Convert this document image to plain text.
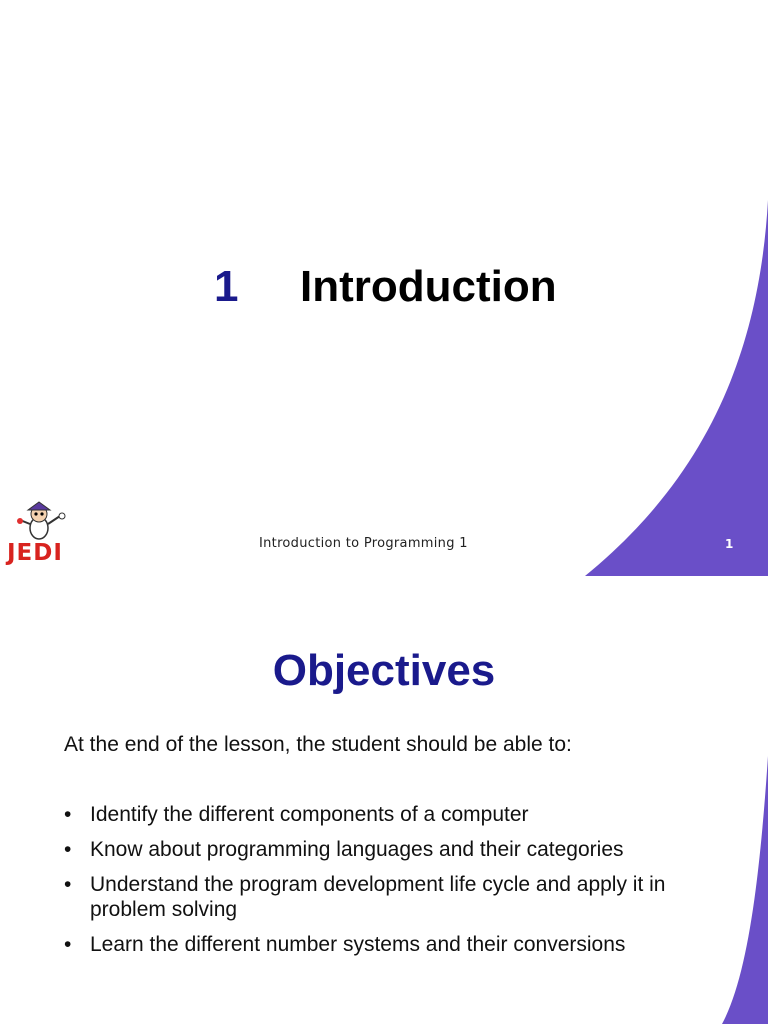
1 Introduction
JEDI	Introduction to Programming 1	1
Objectives
At the end of the lesson, the student should be able to:
• Identify the different components of a computer
• Know about programming languages and their categories
• Understand the program development life cycle and apply it in problem solving
• Learn the different number systems and their conversions
